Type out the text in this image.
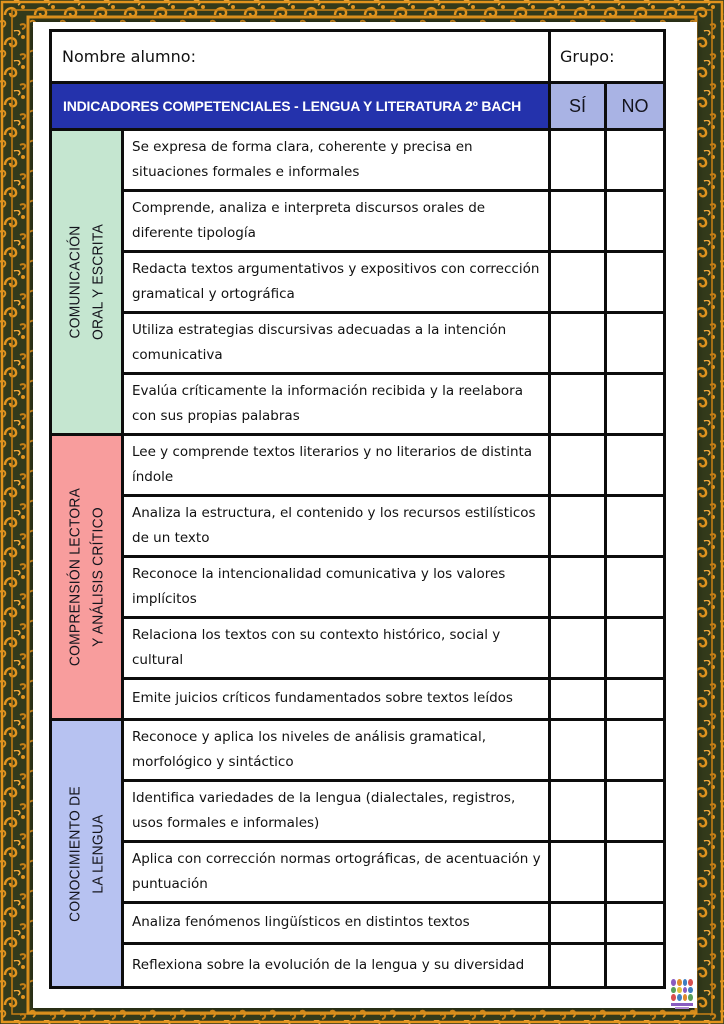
Nombre alumno:	Grupo:
INDICADORES COMPETENCIALES - LENGUA Y LITERATURA 2º BACH	SÍ	NO
COMUNICACIÓN ORAL Y ESCRITA
Se expresa de forma clara, coherente y precisa en situaciones formales e informales
Comprende, analiza e interpreta discursos orales de diferente tipología
Redacta textos argumentativos y expositivos con corrección gramatical y ortográfica
Utiliza estrategias discursivas adecuadas a la intención comunicativa
Evalúa críticamente la información recibida y la reelabora con sus propias palabras
COMPRENSIÓN LECTORA Y ANÁLISIS CRÍTICO
Lee y comprende textos literarios y no literarios de distinta índole
Analiza la estructura, el contenido y los recursos estilísticos de un texto
Reconoce la intencionalidad comunicativa y los valores implícitos
Relaciona los textos con su contexto histórico, social y cultural
Emite juicios críticos fundamentados sobre textos leídos
CONOCIMIENTO DE LA LENGUA
Reconoce y aplica los niveles de análisis gramatical, morfológico y sintáctico
Identifica variedades de la lengua (dialectales, registros, usos formales e informales)
Aplica con corrección normas ortográficas, de acentuación y puntuación
Analiza fenómenos lingüísticos en distintos textos
Reflexiona sobre la evolución de la lengua y su diversidad
